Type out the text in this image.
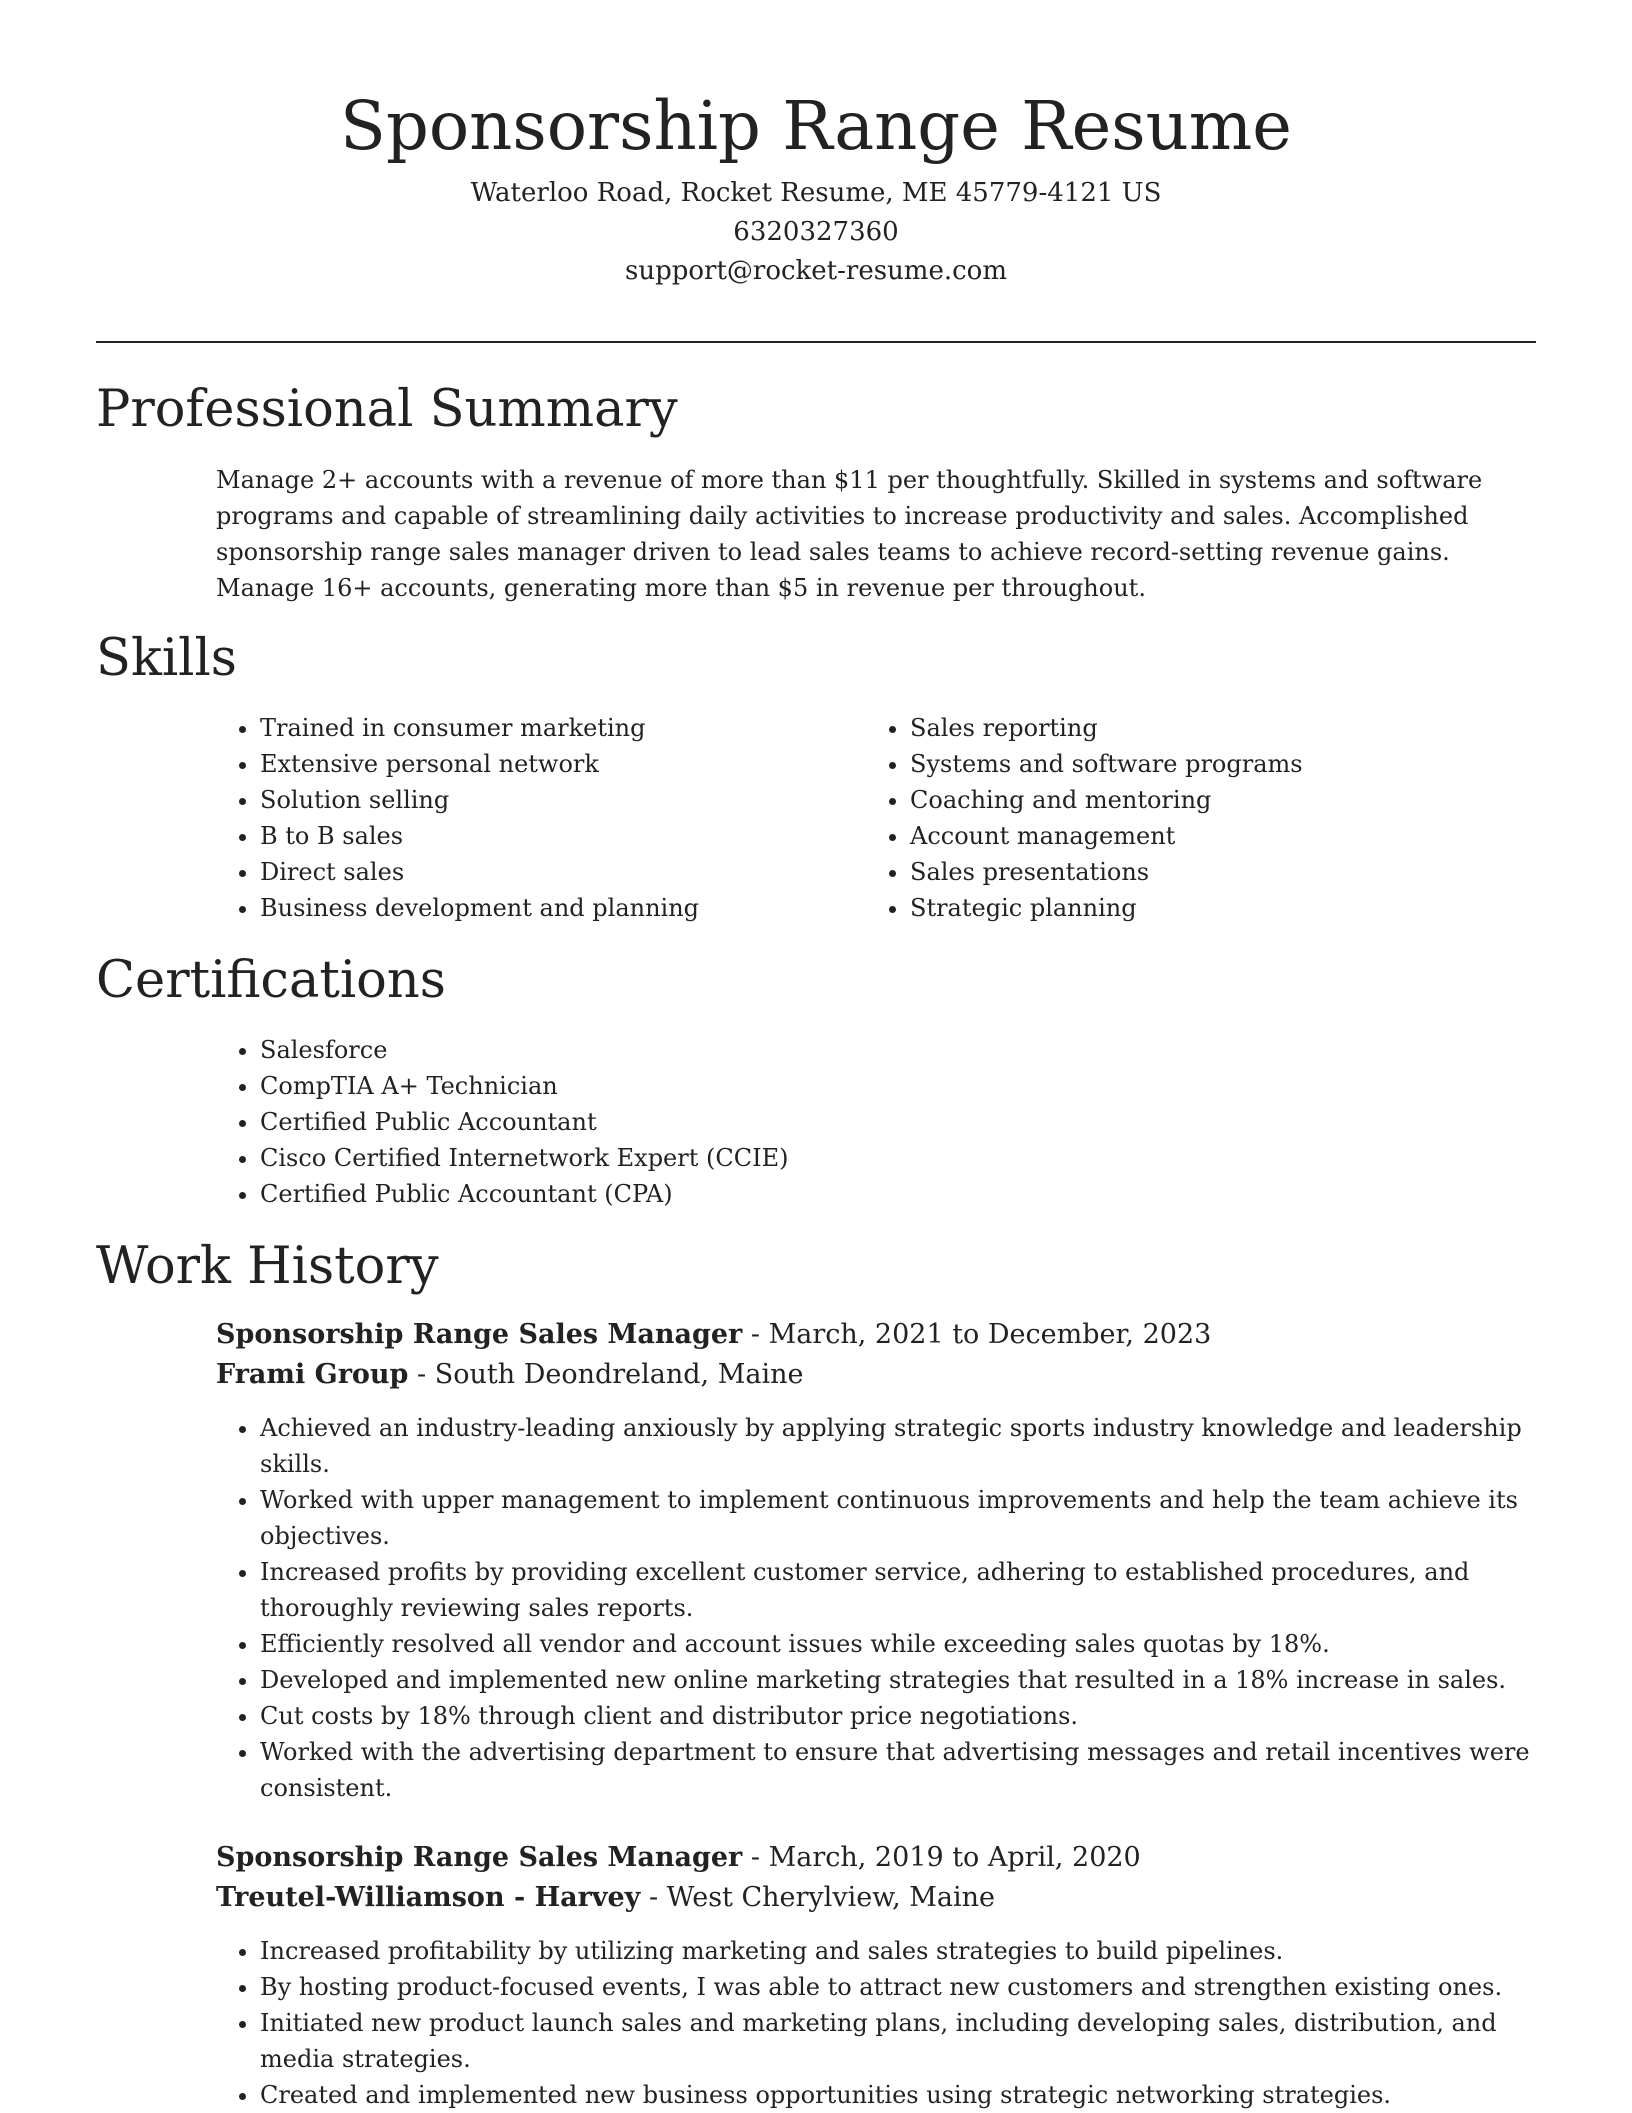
Sponsorship Range Resume
Waterloo Road, Rocket Resume, ME 45779-4121 US
6320327360
support@rocket-resume.com
Professional Summary

Manage 2+ accounts with a revenue of more than $11 per thoughtfully. Skilled in systems and software programs and capable of streamlining daily activities to increase productivity and sales. Accomplished sponsorship range sales manager driven to lead sales teams to achieve record-setting revenue gains. Manage 16+ accounts, generating more than $5 in revenue per throughout.

Skills
• Trained in consumer marketing
• Extensive personal network
• Solution selling
• B to B sales
• Direct sales
• Business development and planning
• Sales reporting
• Systems and software programs
• Coaching and mentoring
• Account management
• Sales presentations
• Strategic planning
Certifications
• Salesforce
• CompTIA A+ Technician
• Certified Public Accountant
• Cisco Certified Internetwork Expert (CCIE)
• Certified Public Accountant (CPA)
Work History
Sponsorship Range Sales Manager - March, 2021 to December, 2023
Frami Group - South Deondreland, Maine
• Achieved an industry-leading anxiously by applying strategic sports industry knowledge and leadership skills.
• Worked with upper management to implement continuous improvements and help the team achieve its objectives.
• Increased profits by providing excellent customer service, adhering to established procedures, and thoroughly reviewing sales reports.
• Efficiently resolved all vendor and account issues while exceeding sales quotas by 18%.
• Developed and implemented new online marketing strategies that resulted in a 18% increase in sales.
• Cut costs by 18% through client and distributor price negotiations.
• Worked with the advertising department to ensure that advertising messages and retail incentives were consistent.
Sponsorship Range Sales Manager - March, 2019 to April, 2020
Treutel-Williamson - Harvey - West Cherylview, Maine
• Increased profitability by utilizing marketing and sales strategies to build pipelines.
• By hosting product-focused events, I was able to attract new customers and strengthen existing ones.
• Initiated new product launch sales and marketing plans, including developing sales, distribution, and media strategies.
• Created and implemented new business opportunities using strategic networking strategies.
